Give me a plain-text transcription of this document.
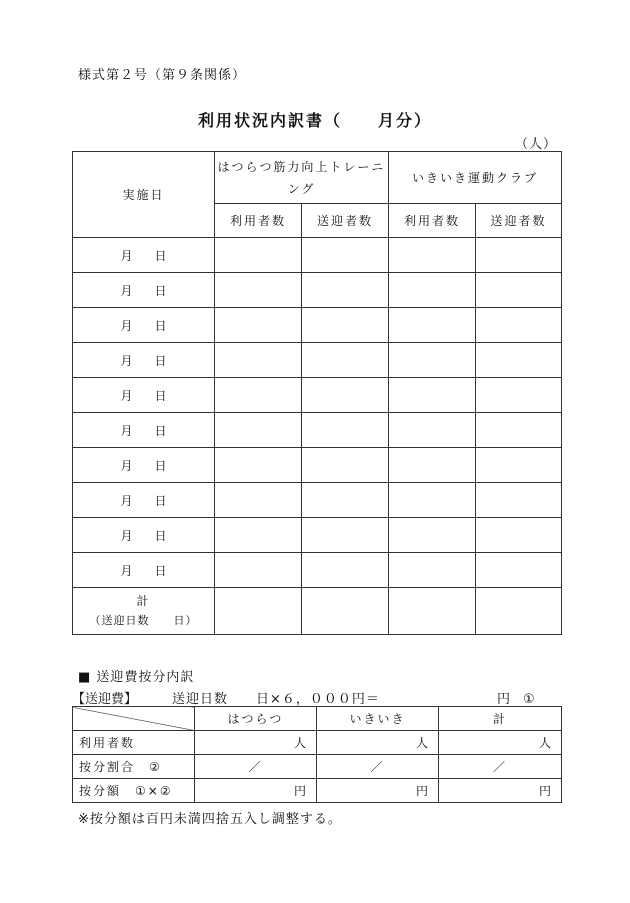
様式第２号（第９条関係）
利用状況内訳書（　　月分）
（人）
実施日	はつらつ筋力向上トレーニング		いきいき運動クラブ	
	利用者数	送迎者数	利用者数	送迎者数
月 日				
月 日				
月 日				
月 日				
月 日				
月 日				
月 日				
月 日				
月 日				
月 日				

計
（送迎日数　　日）				

■ 送迎費按分内訳
【送迎費】	送迎日数　　日×６，０００円＝	円　①
	はつらつ	いきいき	計
利用者数	人	人	人
按分割合　②	／	／	／
按分額　①×②	円	円	円
※按分額は百円未満四捨五入し調整する。
